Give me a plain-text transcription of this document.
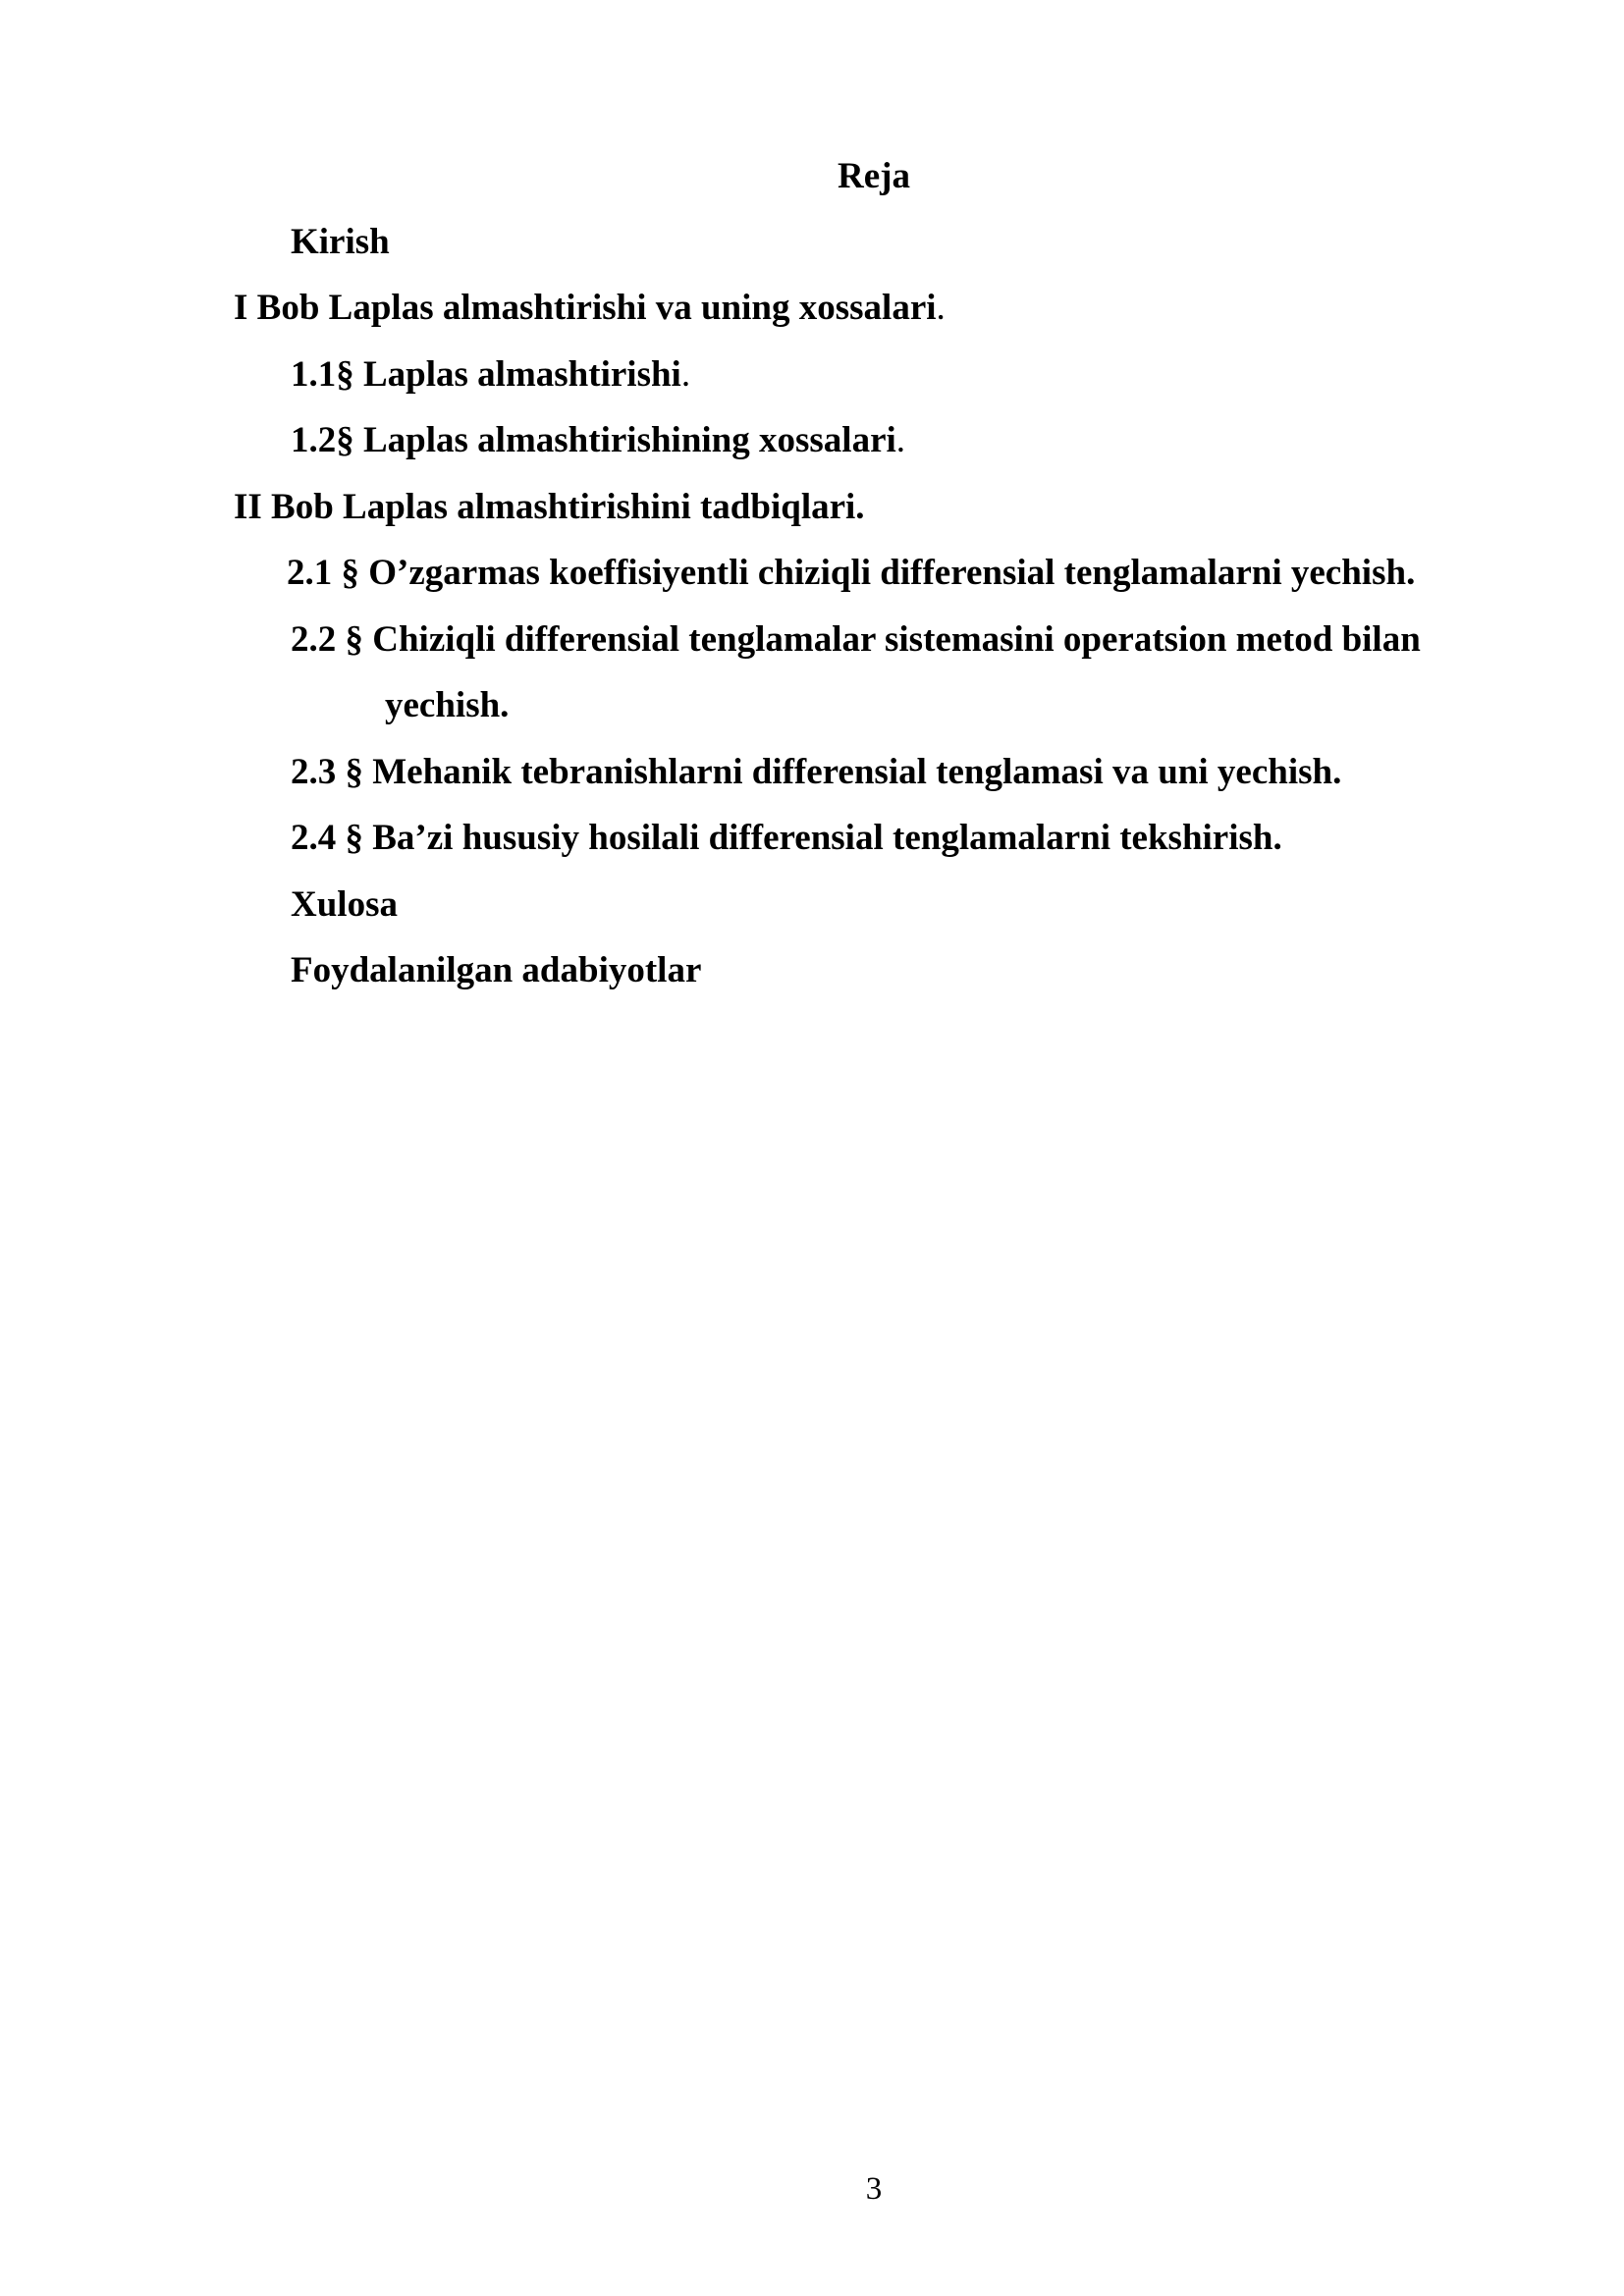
Reja
Kirish
I Bob Laplas almashtirishi va uning xossalari.
1.1§ Laplas almashtirishi.
1.2§ Laplas almashtirishining xossalari.
II Bob Laplas almashtirishini tadbiqlari.
2.1 § O’zgarmas koeffisiyentli chiziqli differensial tenglamalarni yechish.
2.2 § Chiziqli differensial tenglamalar sistemasini operatsion metod bilan
yechish.
2.3 § Mehanik tebranishlarni differensial tenglamasi va uni yechish.
2.4 § Ba’zi hususiy hosilali differensial tenglamalarni tekshirish.
Xulosa
Foydalanilgan adabiyotlar
3
